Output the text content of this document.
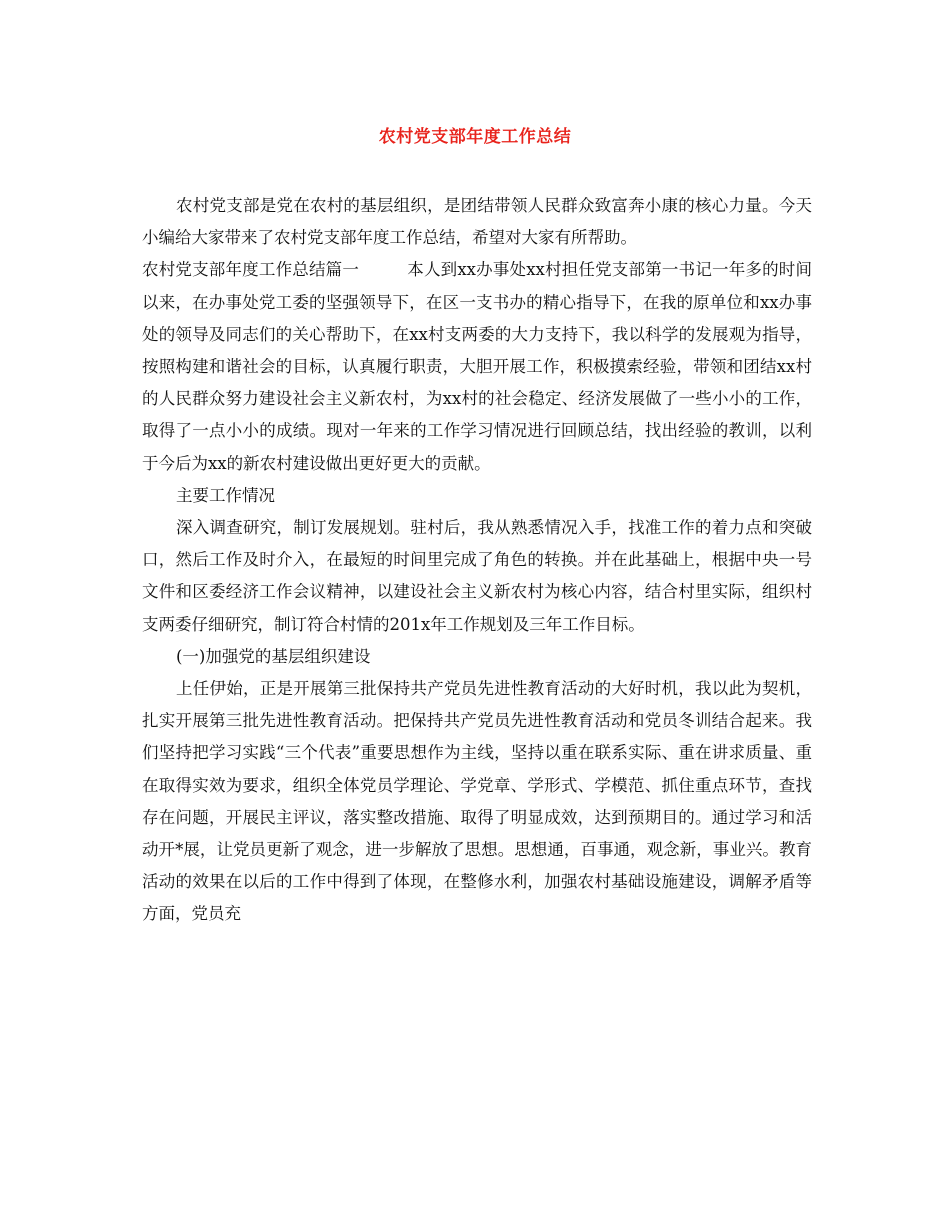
农村党支部年度工作总结

农村党支部是党在农村的基层组织，是团结带领人民群众致富奔小康的核心力量。今天小编给大家带来了农村党支部年度工作总结，希望对大家有所帮助。

农村党支部年度工作总结篇一	本人到xx办事处xx村担任党支部第一书记一年多的时间以来，在办事处党工委的坚强领导下，在区一支书办的精心指导下，在我的原单位和xx办事处的领导及同志们的关心帮助下，在xx村支两委的大力支持下，我以科学的发展观为指导，按照构建和谐社会的目标，认真履行职责，大胆开展工作，积极摸索经验，带领和团结xx村的人民群众努力建设社会主义新农村，为xx村的社会稳定、经济发展做了一些小小的工作，取得了一点小小的成绩。现对一年来的工作学习情况进行回顾总结，找出经验的教训，以利于今后为xx的新农村建设做出更好更大的贡献。

主要工作情况

深入调查研究，制订发展规划。驻村后，我从熟悉情况入手，找准工作的着力点和突破口，然后工作及时介入，在最短的时间里完成了角色的转换。并在此基础上，根据中央一号文件和区委经济工作会议精神，以建设社会主义新农村为核心内容，结合村里实际，组织村支两委仔细研究，制订符合村情的201x年工作规划及三年工作目标。

(一)加强党的基层组织建设

上任伊始，正是开展第三批保持共产党员先进性教育活动的大好时机，我以此为契机，扎实开展第三批先进性教育活动。把保持共产党员先进性教育活动和党员冬训结合起来。我们坚持把学习实践“三个代表”重要思想作为主线，坚持以重在联系实际、重在讲求质量、重在取得实效为要求，组织全体党员学理论、学党章、学形式、学模范、抓住重点环节，查找存在问题，开展民主评议，落实整改措施、取得了明显成效，达到预期目的。通过学习和活动开*展，让党员更新了观念，进一步解放了思想。思想通，百事通，观念新，事业兴。教育活动的效果在以后的工作中得到了体现，在整修水利，加强农村基础设施建设，调解矛盾等方面，党员充
